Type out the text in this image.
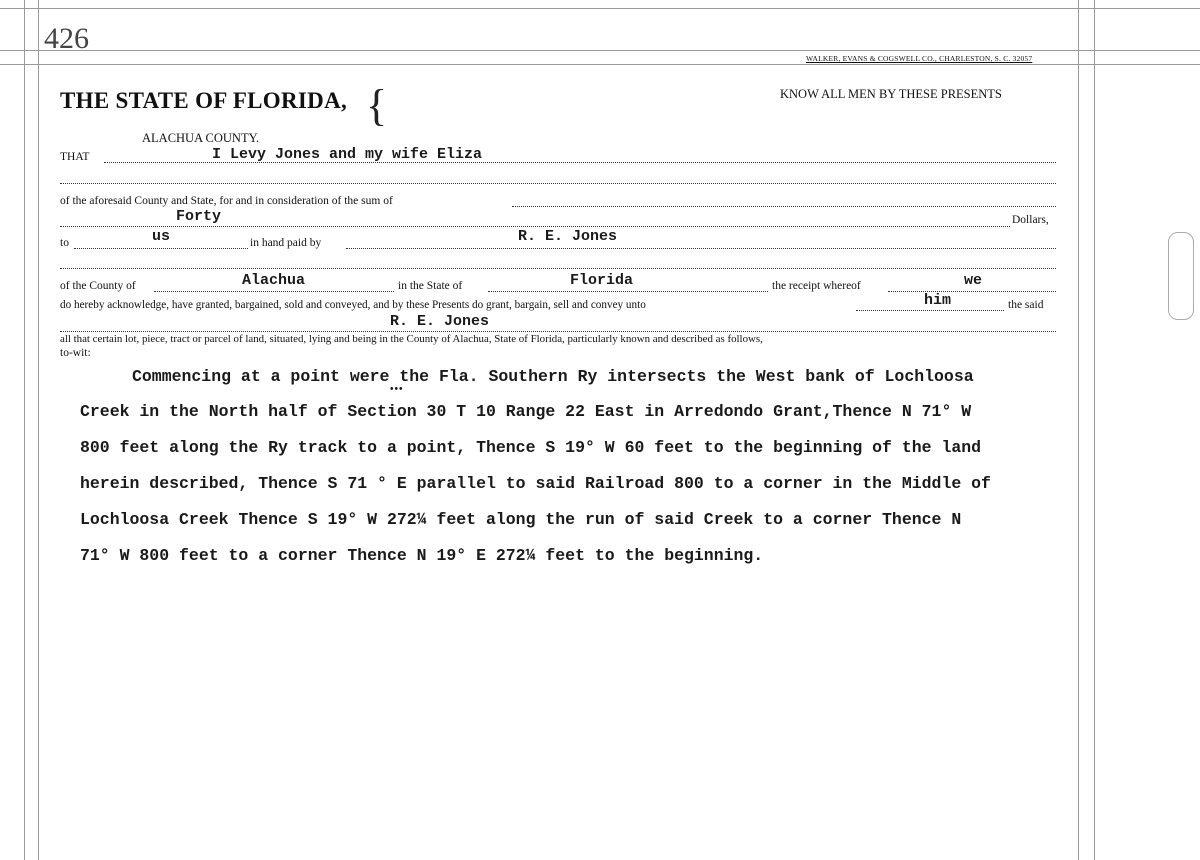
426
WALKER, EVANS & COGSWELL CO., CHARLESTON, S. C. 32057
THE STATE OF FLORIDA, {
ALACHUA COUNTY.
KNOW ALL MEN BY THESE PRESENTS
THAT	I Levy Jones and my wife Eliza
of the aforesaid County and State, for and in consideration of the sum of
Forty	Dollars,
to	us	in hand paid by	R. E. Jones
of the County of	Alachua	in the State of	Florida	the receipt whereof	we
do hereby acknowledge, have granted, bargained, sold and conveyed, and by these Presents do grant, bargain, sell and convey unto	him	the said
R. E. Jones
all that certain lot, piece, tract or parcel of land, situated, lying and being in the County of Alachua, State of Florida, particularly known and described as follows,
to-wit:
Commencing at a point were the Fla. Southern Ry intersects the West bank of Lochloosa
•••
Creek in the North half of Section 30 T 10 Range 22 East in Arredondo Grant,Thence N 71° W
800 feet along the Ry track to a point, Thence S 19° W 60 feet to the beginning of the land
herein described, Thence S 71 ° E parallel to said Railroad 800 to a corner in the Middle of
Lochloosa Creek Thence S 19° W 272¼ feet along the run of said Creek to a corner Thence N
71° W 800 feet to a corner Thence N 19° E 272¼ feet to the beginning.
